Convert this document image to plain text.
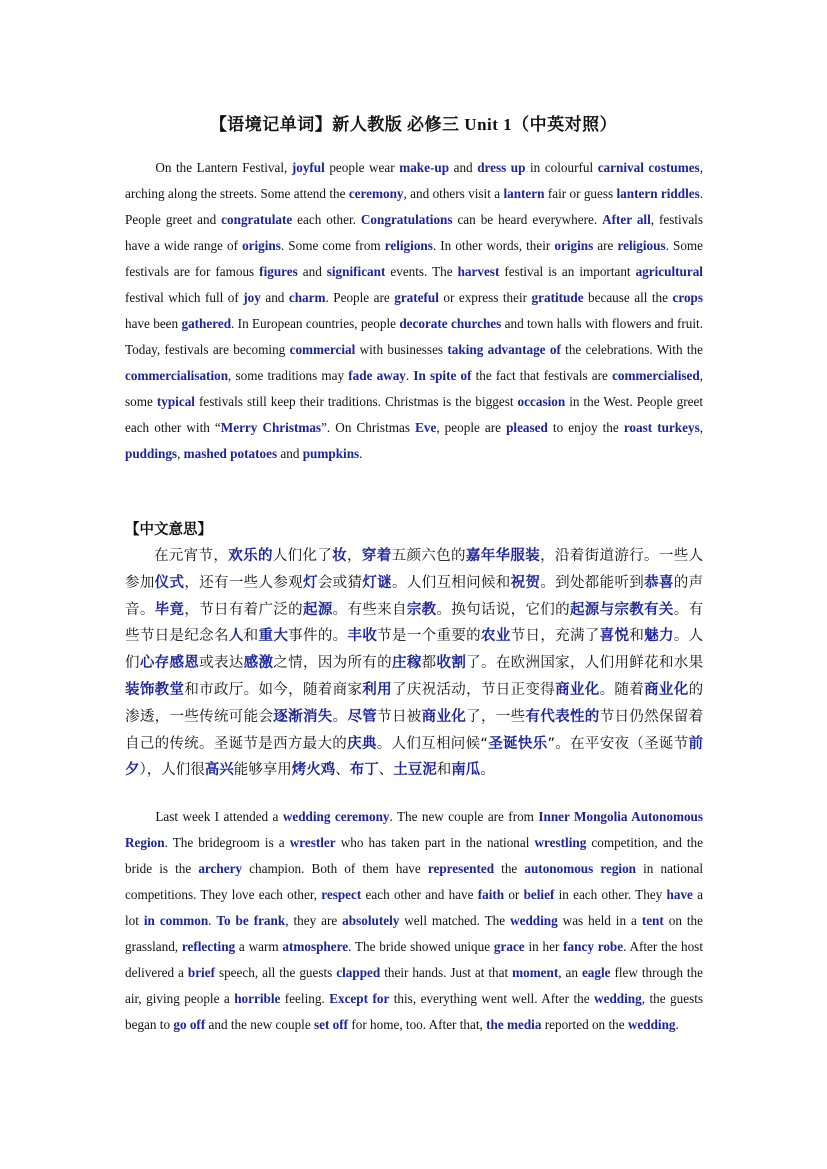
【语境记单词】新人教版 必修三 Unit 1（中英对照）
On the Lantern Festival, joyful people wear make-up and dress up in colourful carnival costumes, arching along the streets. Some attend the ceremony, and others visit a lantern fair or guess lantern riddles. People greet and congratulate each other. Congratulations can be heard everywhere. After all, festivals have a wide range of origins. Some come from religions. In other words, their origins are religious. Some festivals are for famous figures and significant events. The harvest festival is an important agricultural festival which full of joy and charm. People are grateful or express their gratitude because all the crops have been gathered. In European countries, people decorate churches and town halls with flowers and fruit. Today, festivals are becoming commercial with businesses taking advantage of the celebrations. With the commercialisation, some traditions may fade away. In spite of the fact that festivals are commercialised, some typical festivals still keep their traditions. Christmas is the biggest occasion in the West. People greet each other with “Merry Christmas”. On Christmas Eve, people are pleased to enjoy the roast turkeys, puddings, mashed potatoes and pumpkins.
【中文意思】
在元宵节，欢乐的人们化了妆，穿着五颜六色的嘉年华服装，沿着街道游行。一些人参加仪式，还有一些人参观灯会或猜灯谜。人们互相问候和祝贺。到处都能听到恭喜的声音。毕竟，节日有着广泛的起源。有些来自宗教。换句话说，它们的起源与宗教有关。有些节日是纪念名人和重大事件的。丰收节是一个重要的农业节日，充满了喜悦和魅力。人们心存感恩或表达感激之情，因为所有的庄稼都收割了。在欧洲国家，人们用鲜花和水果装饰教堂和市政厅。如今，随着商家利用了庆祝活动，节日正变得商业化。随着商业化的渗透，一些传统可能会逐渐消失。尽管节日被商业化了，一些有代表性的节日仍然保留着自己的传统。圣诞节是西方最大的庆典。人们互相问候“圣诞快乐”。在平安夜（圣诞节前夕），人们很高兴能够享用烤火鸡、布丁、土豆泥和南瓜。
Last week I attended a wedding ceremony. The new couple are from Inner Mongolia Autonomous Region. The bridegroom is a wrestler who has taken part in the national wrestling competition, and the bride is the archery champion. Both of them have represented the autonomous region in national competitions. They love each other, respect each other and have faith or belief in each other. They have a lot in common. To be frank, they are absolutely well matched. The wedding was held in a tent on the grassland, reflecting a warm atmosphere. The bride showed unique grace in her fancy robe. After the host delivered a brief speech, all the guests clapped their hands. Just at that moment, an eagle flew through the air, giving people a horrible feeling. Except for this, everything went well. After the wedding, the guests began to go off and the new couple set off for home, too. After that, the media reported on the wedding.
